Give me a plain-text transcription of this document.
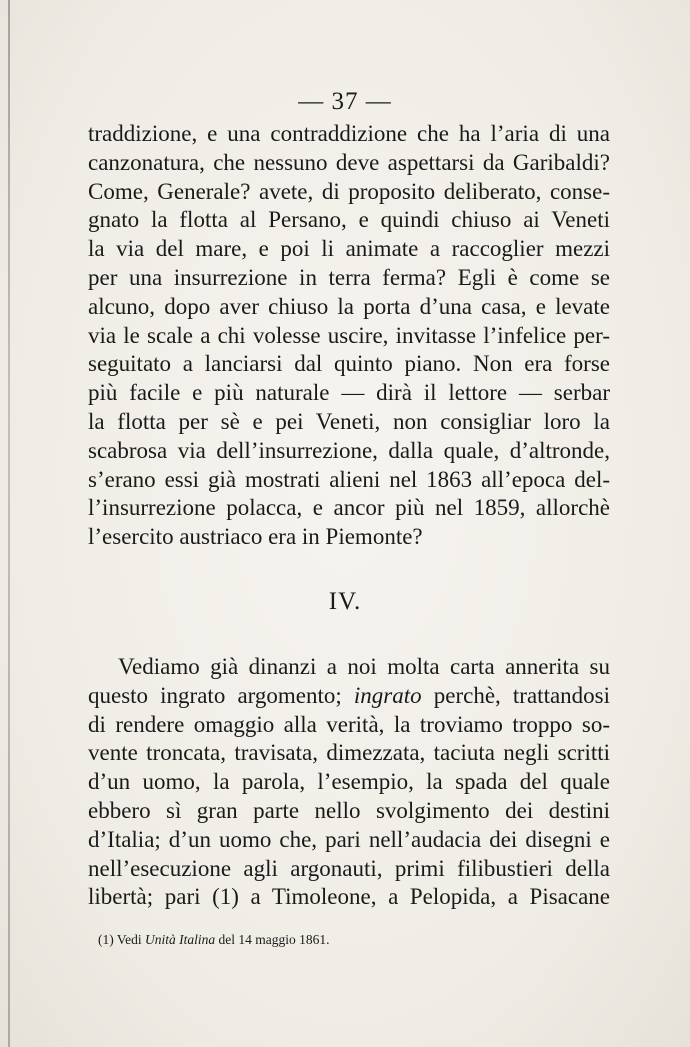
— 37 —
traddizione, e una contraddizione che ha l’aria di una
canzonatura, che nessuno deve aspettarsi da Garibaldi?
Come, Generale? avete, di proposito deliberato, conse-
gnato la flotta al Persano, e quindi chiuso ai Veneti
la via del mare, e poi li animate a raccoglier mezzi
per una insurrezione in terra ferma? Egli è come se
alcuno, dopo aver chiuso la porta d’una casa, e levate
via le scale a chi volesse uscire, invitasse l’infelice per-
seguitato a lanciarsi dal quinto piano. Non era forse
più facile e più naturale — dirà il lettore — serbar
la flotta per sè e pei Veneti, non consigliar loro la
scabrosa via dell’insurrezione, dalla quale, d’altronde,
s’erano essi già mostrati alieni nel 1863 all’epoca del-
l’insurrezione polacca, e ancor più nel 1859, allorchè
l’esercito austriaco era in Piemonte?
IV.
Vediamo già dinanzi a noi molta carta annerita su
questo ingrato argomento; ingrato perchè, trattandosi
di rendere omaggio alla verità, la troviamo troppo so-
vente troncata, travisata, dimezzata, taciuta negli scritti
d’un uomo, la parola, l’esempio, la spada del quale
ebbero sì gran parte nello svolgimento dei destini
d’Italia; d’un uomo che, pari nell’audacia dei disegni e
nell’esecuzione agli argonauti, primi filibustieri della
libertà; pari (1) a Timoleone, a Pelopida, a Pisacane
(1) Vedi Unità Italina del 14 maggio 1861.
